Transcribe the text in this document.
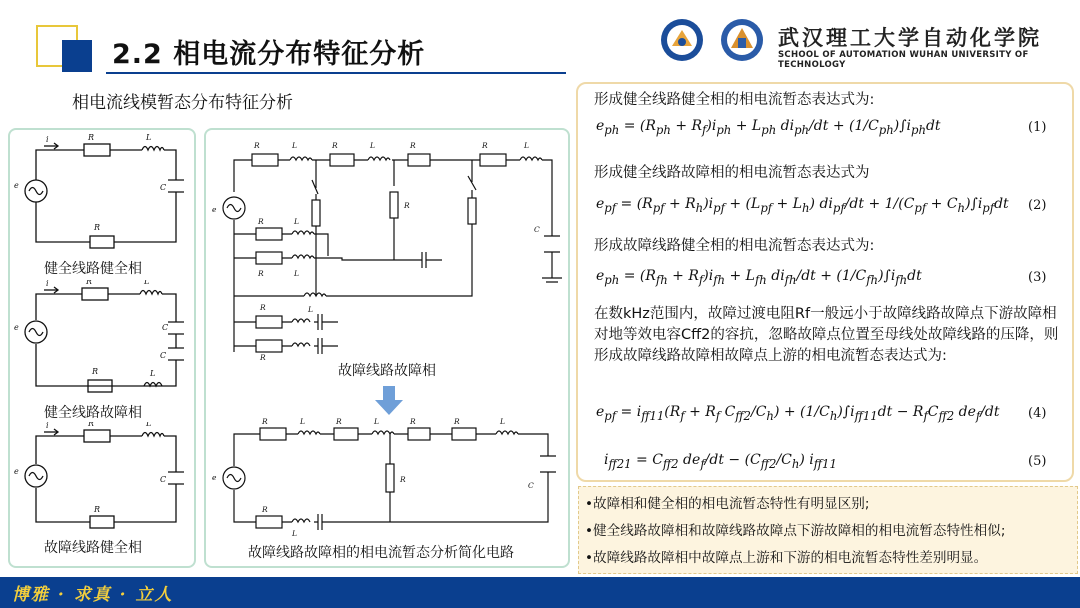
2.2 相电流分布特征分析
武汉理工大学自动化学院
SCHOOL OF AUTOMATION WUHAN UNIVERSITY OF TECHNOLOGY
相电流线模暂态分布特征分析
i	R	L
C
R
e
健全线路健全相
i	R	L
C
C
R	L
e
健全线路故障相
i	R	L
C
R
e
故障线路健全相
e
R	L	R	L	R	R	L
C
R	L
R	L
R
L
R
R
故障线路故障相
e
R	L	R	L	R	R	L
C
R
R
L
故障线路故障相的相电流暂态分析简化电路
形成健全线路健全相的相电流暂态表达式为:
$e_{ph} = (R_{ph} + R_f)i_{ph} + L_{ph}$ $di_{ph}/dt + (1/C_{ph})\int i_{ph}dt$	(1)
形成健全线路故障相的相电流暂态表达式为
$e_{pf} = (R_{pf} + R_h)i_{pf} + (L_{pf} + L_h) di_{pf}/dt + 1/(C_{pf} + C_h)\int i_{pf}dt$ (2)
形成故障线路健全相的相电流暂态表达式为:
$e_{ph} = (R_{fh} + R_f)i_{fh} + L_{fh}$ $di_{fh}/dt + (1/C_{fh})\int i_{fh}dt$	(3)
在数kHz范围内，故障过渡电阻Rf一般远小于故障线路故障点下游故障相对地等效电容Cff2的容抗，忽略故障点位置至母线处故障线路的压降，则形成故障线路故障相故障点上游的相电流暂态表达式为:
$e_{pf} = i_{ff11}(R_f + R_f$ $C_{ff2}/C_h) + (1/C_h)\int i_{ff11}dt - R_fC_{ff2}$ $de_f/dt$ (4)
$i_{ff21} = C_{ff2}$ $de_f/dt - (C_{ff2}/C_h)$ $i_{ff11}$	(5)
•故障相和健全相的相电流暂态特性有明显区别;
•健全线路故障相和故障线路故障点下游故障相的相电流暂态特性相似;
•故障线路故障相中故障点上游和下游的相电流暂态特性差别明显。
博雅 · 求真 · 立人
